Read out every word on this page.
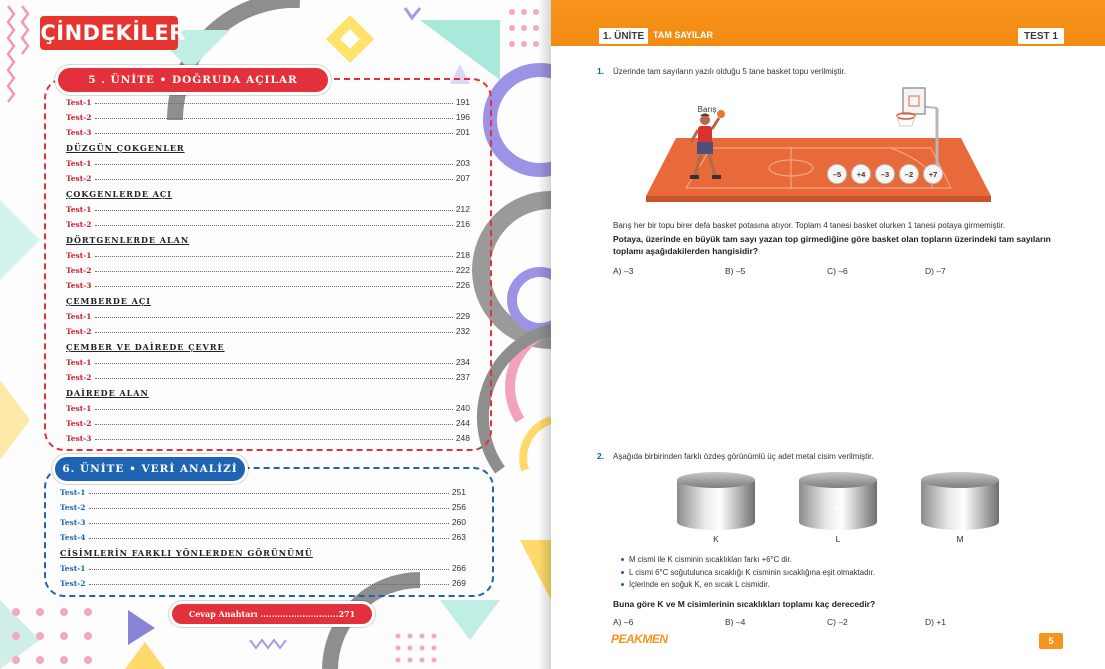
İÇİNDEKİLER
5 . ÜNİTE • DOĞRUDA AÇILAR
Test-1	191
Test-2	196
Test-3	201
DÜZGÜN ÇOKGENLER
Test-1	203
Test-2	207
ÇOKGENLERDE AÇI
Test-1	212
Test-2	216
DÖRTGENLERDE ALAN
Test-1	218
Test-2	222
Test-3	226
ÇEMBERDE AÇI
Test-1	229
Test-2	232
ÇEMBER VE DAİREDE ÇEVRE
Test-1	234
Test-2	237
DAİREDE ALAN
Test-1	240
Test-2	244
Test-3	248
6. ÜNİTE • VERİ ANALİZİ
Test-1	251
Test-2	256
Test-3	260
Test-4	263
CİSİMLERİN FARKLI YÖNLERDEN GÖRÜNÜMÜ
Test-1	266
Test-2	269
Cevap Anahtarı ............................271
1. ÜNİTE TAM SAYILAR	TEST 1
1. Üzerinde tam sayıların yazılı olduğu 5 tane basket topu verilmiştir.
Barış
–5 +4 –3 –2 +7
Barış her bir topu birer defa basket potasına atıyor. Toplam 4 tanesi basket olurken 1 tanesi potaya girmemiştir.
Potaya, üzerinde en büyük tam sayı yazan top girmediğine göre basket olan topların üzerindeki tam sayıların
toplamı aşağıdakilerden hangisidir?
A) –3	B) –5	C) –6	D) –7
2. Aşağıda birbirinden farklı özdeş görünümlü üç adet metal cisim verilmiştir.
K
+4
L	M
M cismi ile K cisminin sıcaklıkları farkı +6°C dir.
L cismi 6°C soğutulunca sıcaklığı K cisminin sıcaklığına eşit olmaktadır.
İçlerinde en soğuk K, en sıcak L cismidir.
Buna göre K ve M cisimlerinin sıcaklıkları toplamı kaç derecedir?
A) –6	B) –4	C) –2	D) +1
PEAKMEN	5
